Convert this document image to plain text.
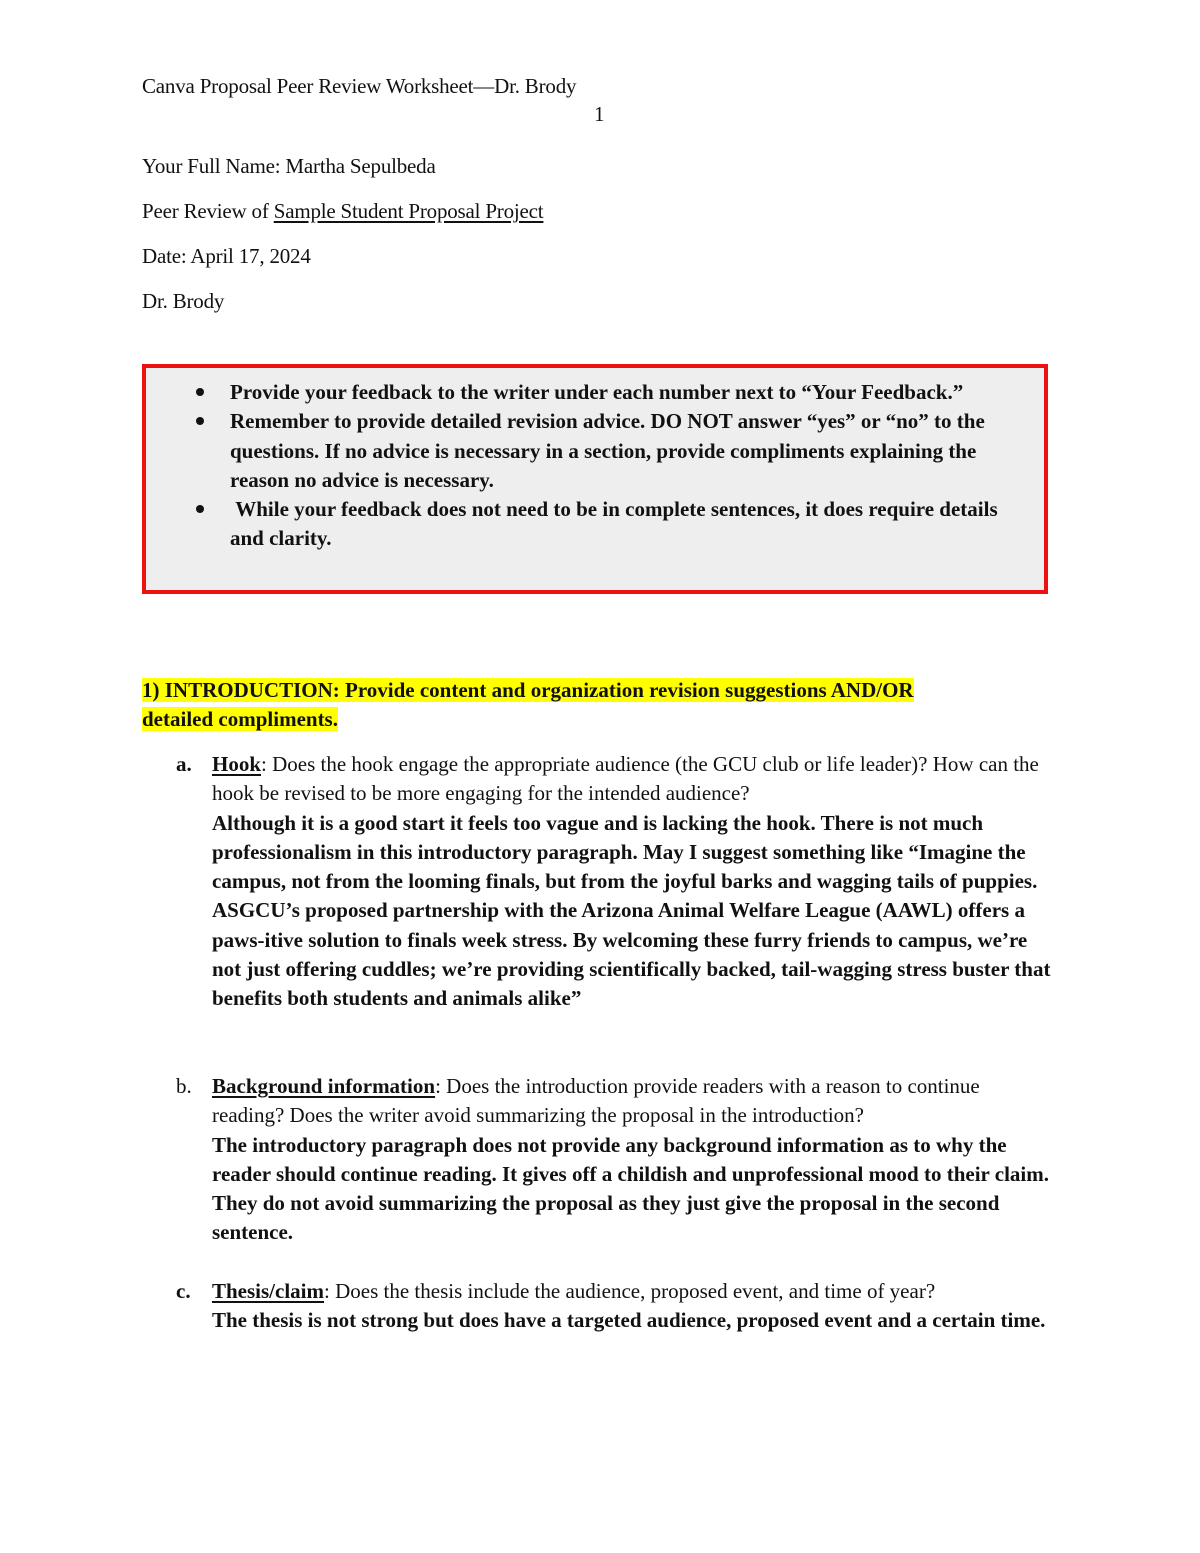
Canva Proposal Peer Review Worksheet—Dr. Brody
1
Your Full Name: Martha Sepulbeda
Peer Review of Sample Student Proposal Project
Date: April 17, 2024
Dr. Brody
Provide your feedback to the writer under each number next to “Your Feedback.”
Remember to provide detailed revision advice. DO NOT answer “yes” or “no” to the questions. If no advice is necessary in a section, provide compliments explaining the reason no advice is necessary.
While your feedback does not need to be in complete sentences, it does require details and clarity.
1) INTRODUCTION: Provide content and organization revision suggestions AND/OR
detailed compliments.
a. Hook: Does the hook engage the appropriate audience (the GCU club or life leader)? How can the hook be revised to be more engaging for the intended audience?
Although it is a good start it feels too vague and is lacking the hook. There is not much professionalism in this introductory paragraph. May I suggest something like “Imagine the campus, not from the looming finals, but from the joyful barks and wagging tails of puppies. ASGCU’s proposed partnership with the Arizona Animal Welfare League (AAWL) offers a paws-itive solution to finals week stress. By welcoming these furry friends to campus, we’re not just offering cuddles; we’re providing scientifically backed, tail-wagging stress buster that benefits both students and animals alike”
b. Background information: Does the introduction provide readers with a reason to continue reading? Does the writer avoid summarizing the proposal in the introduction?
The introductory paragraph does not provide any background information as to why the reader should continue reading. It gives off a childish and unprofessional mood to their claim. They do not avoid summarizing the proposal as they just give the proposal in the second sentence.
c. Thesis/claim: Does the thesis include the audience, proposed event, and time of year?
The thesis is not strong but does have a targeted audience, proposed event and a certain time.
